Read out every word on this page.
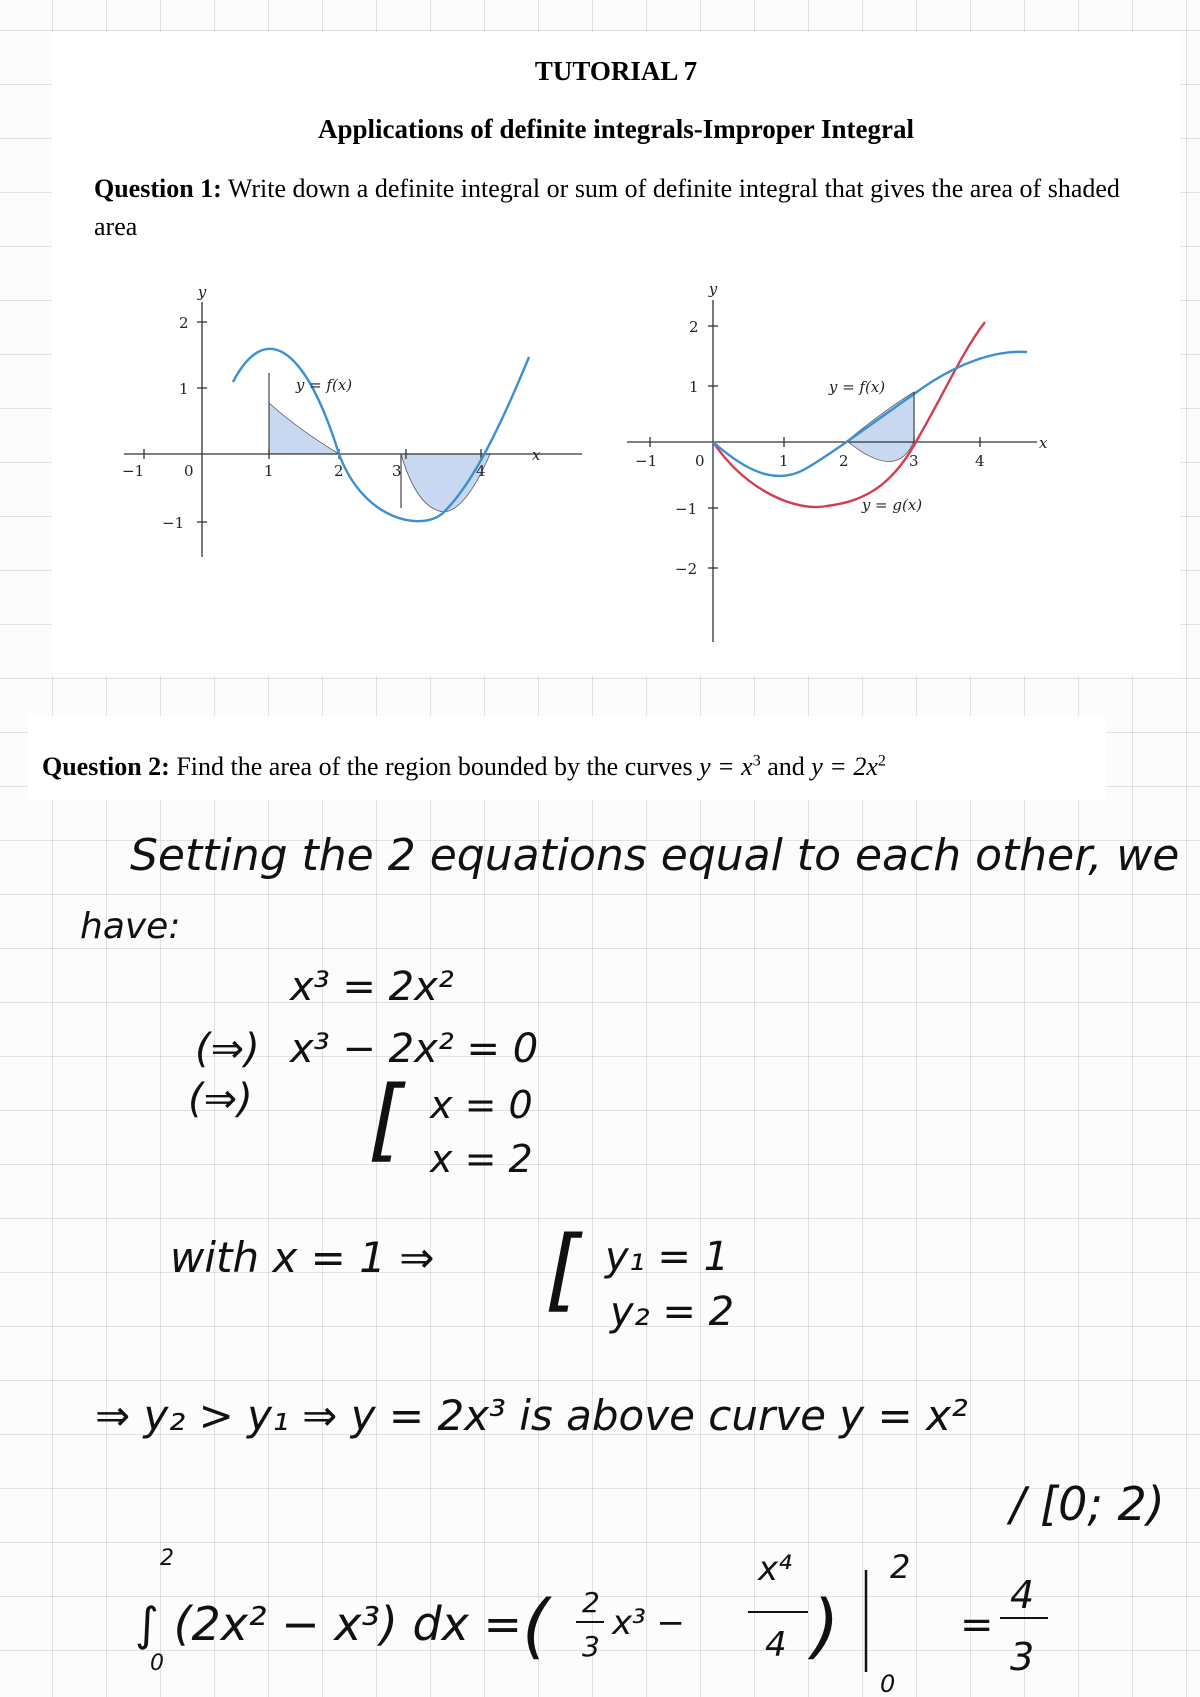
TUTORIAL 7
Applications of definite integrals-Improper Integral
Question 1: Write down a definite integral or sum of definite integral that gives the area of shaded area
y
x
y = f(x)
−1	0	1	2	3	4
2
1
−1
y
x
y = f(x)
y = g(x)
−1	0	1	2	3	4
2
1
−1
−2
Question 2: Find the area of the region bounded by the curves $y = x^3$ and $y = 2x^2$
Setting the 2 equations equal to each other, we
have:
x³ = 2x²
(⇒) x³ − 2x² = 0
(⇒) [ x = 0
x = 2
with x = 1 ⇒ [ y₁ = 1
y₂ = 2
⇒ y₂ > y₁ ⇒ y = 2x³ is above curve y = x²
/ [0; 2)
2
0
∫ (2x² − x³) dx = ( 2
3
x³ −
x⁴
4 )
2
0
=
4
3
